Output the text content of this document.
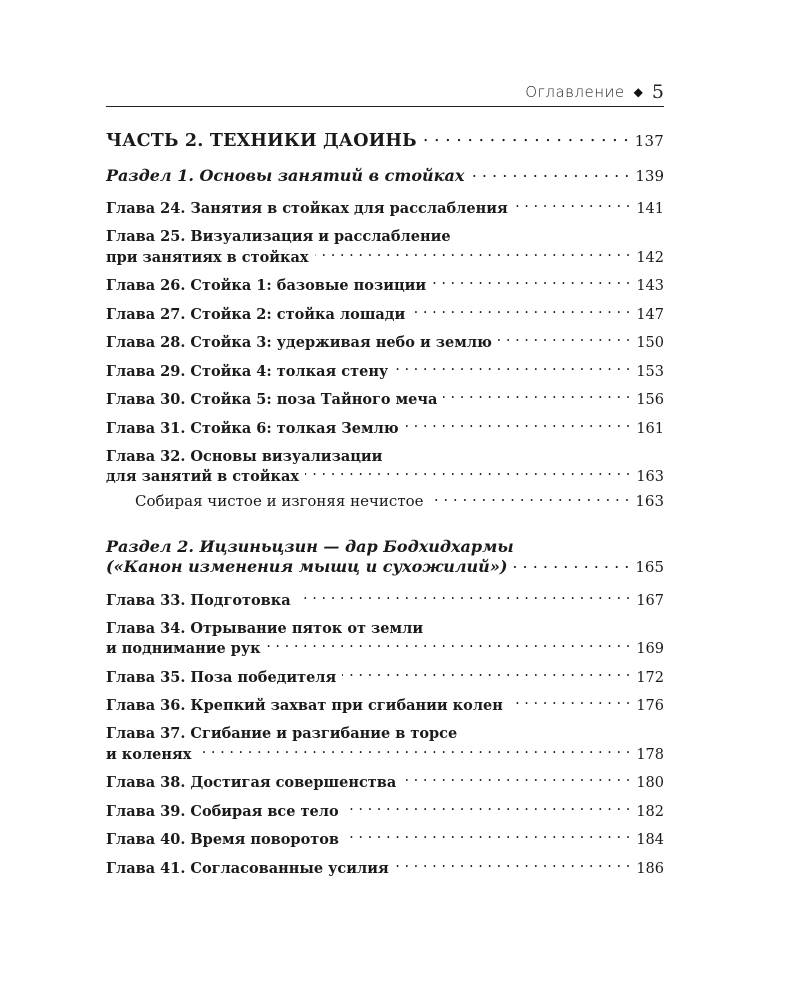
Оглавление ◆ 5
ЧАСТЬ 2. ТЕХНИКИ ДАОИНЬ . . .	137
Раздел 1. Основы занятий в стойках . . .	139
Глава 24. Занятия в стойках для расслабления . . .	141
Глава 25. Визуализация и расслабление
при занятиях в стойках . . .	142
Глава 26. Стойка 1: базовые позиции . . .	143
Глава 27. Стойка 2: стойка лошади . . .	147
Глава 28. Стойка 3: удерживая небо и землю . . .	150
Глава 29. Стойка 4: толкая стену . . .	153
Глава 30. Стойка 5: поза Тайного меча . . .	156
Глава 31. Стойка 6: толкая Землю . . .	161
Глава 32. Основы визуализации
для занятий в стойках . . .	163
Собирая чистое и изгоняя нечистое . . .	163
Раздел 2. Ицзиньцзин — дар Бодхидхармы
(«Канон изменения мышц и сухожилий») . . .	165
Глава 33. Подготовка . . .	167
Глава 34. Отрывание пяток от земли
и поднимание рук . . .	169
Глава 35. Поза победителя . . .	172
Глава 36. Крепкий захват при сгибании колен . . .	176
Глава 37. Сгибание и разгибание в торсе
и коленях . . .	178
Глава 38. Достигая совершенства . . .	180
Глава 39. Собирая все тело . . .	182
Глава 40. Время поворотов . . .	184
Глава 41. Согласованные усилия . . .	186
